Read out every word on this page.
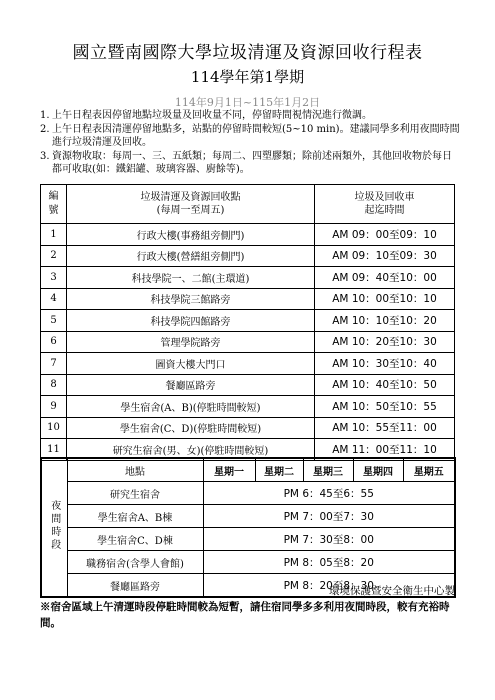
國立暨南國際大學垃圾清運及資源回收行程表
114學年第1學期
114年9月1日~115年1月2日
1. 上午日程表因停留地點垃圾量及回收量不同，停留時間視情況進行微調。
2. 上午日程表因清運停留地點多，站點的停留時間較短(5~10 min)。建議同學多利用夜間時間進行垃圾清運及回收。
3. 資源物收取：每周一、三、五紙類；每周二、四塑膠類；除前述兩類外，其他回收物於每日都可收取(如：鐵鋁罐、玻璃容器、廚餘等)。
編號	垃圾清運及資源回收點
(每周一至周五)	垃圾及回收車
起迄時間
1	行政大樓(事務組旁側門)	AM 09：00至09：10
2	行政大樓(營繕組旁側門)	AM 09：10至09：30
3	科技學院一、二館(主環道)	AM 09：40至10：00
4	科技學院三館路旁	AM 10：00至10：10
5	科技學院四館路旁	AM 10：10至10：20
6	管理學院路旁	AM 10：20至10：30
7	圖資大樓大門口	AM 10：30至10：40
8	餐廳區路旁	AM 10：40至10：50
9	學生宿舍(A、B)(停駐時間較短)	AM 10：50至10：55
10	學生宿舍(C、D)(停駐時間較短)	AM 10：55至11：00
11	研究生宿舍(男、女)(停駐時間較短)	AM 11：00至11：10
夜間時段	地點	星期一	星期二	星期三	星期四	星期五
	研究生宿舍	PM 6：45至6：55				
	學生宿舍A、B棟	PM 7：00至7：30				
	學生宿舍C、D棟	PM 7：30至8：00				
	職務宿舍(含學人會館)	PM 8：05至8：20				
	餐廳區路旁	PM 8：20至8：30				
環境保護暨安全衛生中心製
※宿舍區域上午清運時段停駐時間較為短暫，請住宿同學多多利用夜間時段，較有充裕時間。
